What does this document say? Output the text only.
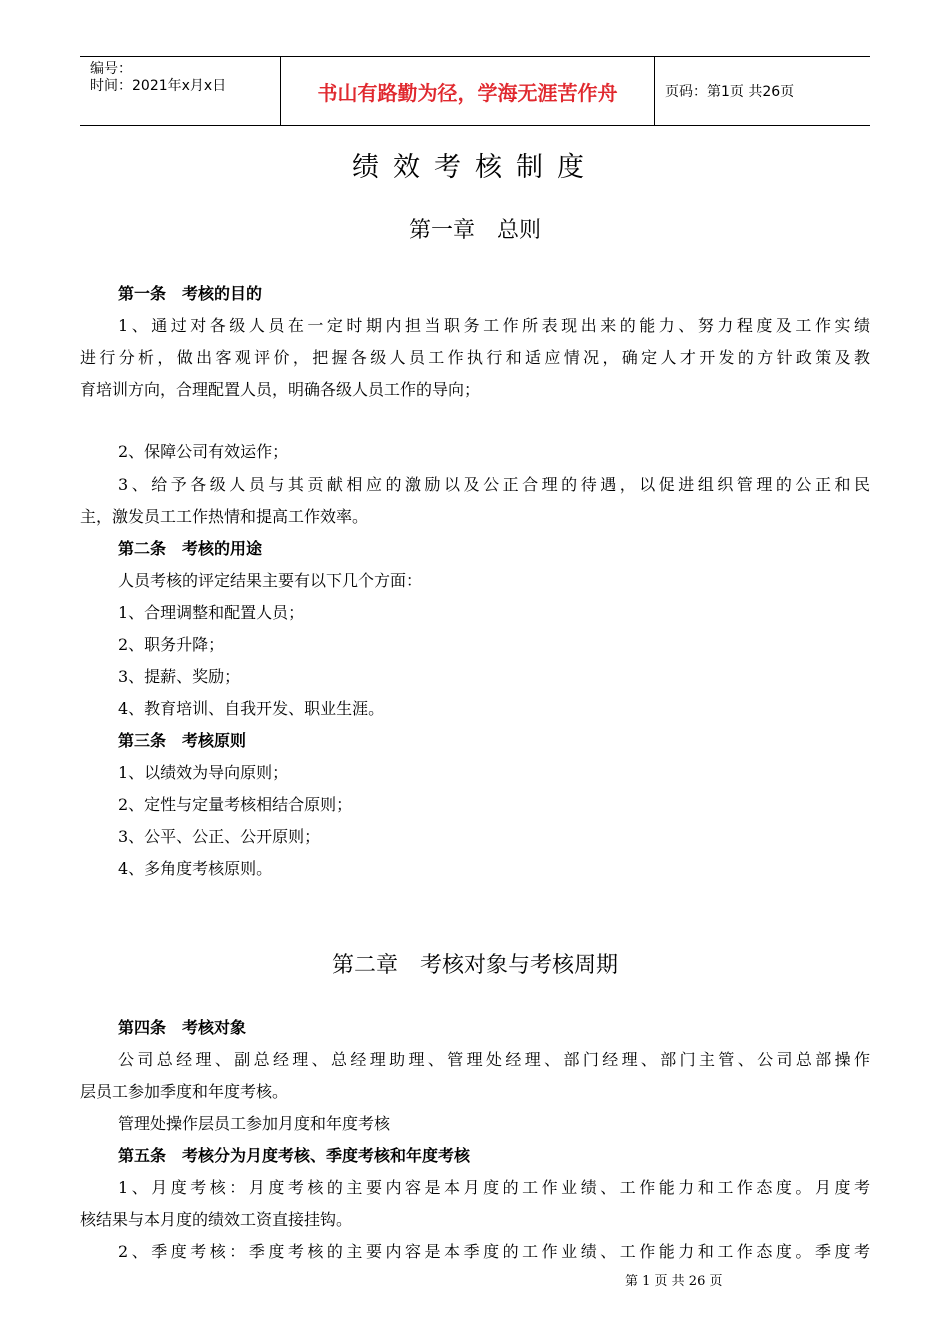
编号：
时间：2021年x月x日	书山有路勤为径，学海无涯苦作舟	页码：第1页 共26页
绩效考核制度
第一章　总则
第一条　考核的目的
1、通过对各级人员在一定时期内担当职务工作所表现出来的能力、努力程度及工作实绩
进行分析，做出客观评价，把握各级人员工作执行和适应情况，确定人才开发的方针政策及教
育培训方向，合理配置人员，明确各级人员工作的导向；
2、保障公司有效运作；
3、给予各级人员与其贡献相应的激励以及公正合理的待遇，以促进组织管理的公正和民
主，激发员工工作热情和提高工作效率。
第二条　考核的用途
人员考核的评定结果主要有以下几个方面：
1、合理调整和配置人员；
2、职务升降；
3、提薪、奖励；
4、教育培训、自我开发、职业生涯。
第三条　考核原则
1、以绩效为导向原则；
2、定性与定量考核相结合原则；
3、公平、公正、公开原则；
4、多角度考核原则。
第二章　考核对象与考核周期
第四条　考核对象
公司总经理、副总经理、总经理助理、管理处经理、部门经理、部门主管、公司总部操作
层员工参加季度和年度考核。
管理处操作层员工参加月度和年度考核
第五条　考核分为月度考核、季度考核和年度考核
1、月度考核：月度考核的主要内容是本月度的工作业绩、工作能力和工作态度。月度考
核结果与本月度的绩效工资直接挂钩。
2、季度考核：季度考核的主要内容是本季度的工作业绩、工作能力和工作态度。季度考
第 1 页 共 26 页
